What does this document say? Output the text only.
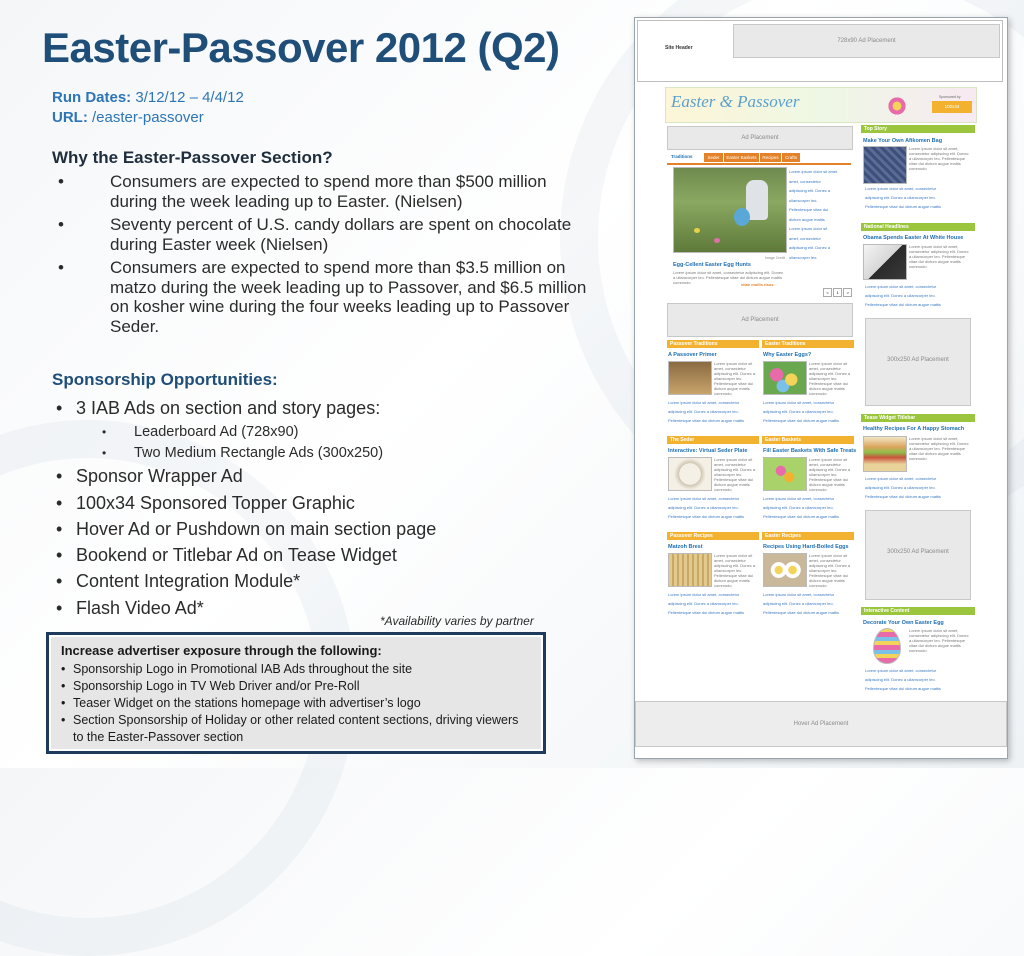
Easter-Passover 2012 (Q2)
Run Dates: 3/12/12 – 4/4/12
URL: /easter-passover
Why the Easter-Passover Section?
•	Consumers are expected to spend more than $500 million during the week leading up to Easter. (Nielsen)
•	Seventy percent of U.S. candy dollars are spent on chocolate during Easter week (Nielsen)
•	Consumers are expected to spend more than $3.5 million on matzo during the week leading up to Passover, and $6.5 million on kosher wine during the four weeks leading up to Passover Seder.
Sponsorship Opportunities:
• 3 IAB Ads on section and story pages:
• Leaderboard Ad (728x90)
• Two Medium Rectangle Ads (300x250)
• Sponsor Wrapper Ad
• 100x34 Sponsored Topper Graphic
• Hover Ad or Pushdown on main section page
• Bookend or Titlebar Ad on Tease Widget
• Content Integration Module*
• Flash Video Ad*
*Availability varies by partner
Increase advertiser exposure through the following:
• Sponsorship Logo in Promotional IAB Ads throughout the site
• Sponsorship Logo in TV Web Driver and/or Pre-Roll
• Teaser Widget on the stations homepage with advertiser’s logo
• Section Sponsorship of Holiday or other related content sections, driving viewers to the Easter-Passover section
Site Header
728x90 Ad Placement
Easter & Passover	Sponsored by
100x34
Ad Placement
Traditions	Seder	Easter Baskets	Recipes	Crafts
Image Credit
Egg-Cellent Easter Egg Hunts
Lorem ipsum dolor sit amet, consectetur adipiscing elit. Donec a ullamcorper leo. Pellentesque vitae dui dictum augue mattis commodo	vitae mollis risus.
Lorem ipsum dolor sit amet
amet, consectetur
adipiscing elit. Donec a
ullamcorper leo.
Pellentesque vitae dui
dictum augue mattis
Lorem ipsum dolor sit
amet, consectetur
adipiscing elit. Donec a
ullamcorper leo.
< 1 >
Ad Placement
Top Story
Make Your Own Afikomen Bag
Lorem ipsum dolor sit amet, consectetur adipiscing elit. Donec a ullamcorper leo. Pellentesque vitae dui dictum augue mattis commodo
Lorem ipsum dolor sit amet, consectetur
adipiscing elit. Donec a ullamcorper leo.
Pellentesque vitae dui dictum augue mattis
National Headlines
Obama Spends Easter At White House
Lorem ipsum dolor sit amet, consectetur adipiscing elit. Donec a ullamcorper leo. Pellentesque vitae dui dictum augue mattis commodo
Lorem ipsum dolor sit amet, consectetur
adipiscing elit. Donec a ullamcorper leo.
Pellentesque vitae dui dictum augue mattis
300x250 Ad Placement
Tease Widget Titlebar
Healthy Recipes For A Happy Stomach
Lorem ipsum dolor sit amet, consectetur adipiscing elit. Donec a ullamcorper leo. Pellentesque vitae dui dictum augue mattis commodo
Lorem ipsum dolor sit amet, consectetur
adipiscing elit. Donec a ullamcorper leo.
Pellentesque vitae dui dictum augue mattis
300x250 Ad Placement
Interactive Content
Decorate Your Own Easter Egg
Lorem ipsum dolor sit amet, consectetur adipiscing elit. Donec a ullamcorper leo. Pellentesque vitae dui dictum augue mattis commodo
Lorem ipsum dolor sit amet, consectetur
adipiscing elit. Donec a ullamcorper leo.
Pellentesque vitae dui dictum augue mattis
Hover Ad Placement
Passover Traditions
A Passover Primer
Lorem ipsum dolor sit amet, consectetur adipiscing elit. Donec a ullamcorper leo. Pellentesque vitae dui dictum augue mattis commodo
Lorem ipsum dolor sit amet, consectetur
adipiscing elit. Donec a ullamcorper leo.
Pellentesque vitae dui dictum augue mattis
Easter Traditions
Why Easter Eggs?
Lorem ipsum dolor sit amet, consectetur adipiscing elit. Donec a ullamcorper leo. Pellentesque vitae dui dictum augue mattis commodo
Lorem ipsum dolor sit amet, consectetur
adipiscing elit. Donec a ullamcorper leo.
Pellentesque vitae dui dictum augue mattis
The Seder
Interactive: Virtual Seder Plate
Lorem ipsum dolor sit amet, consectetur adipiscing elit. Donec a ullamcorper leo. Pellentesque vitae dui dictum augue mattis commodo
Lorem ipsum dolor sit amet, consectetur
adipiscing elit. Donec a ullamcorper leo.
Pellentesque vitae dui dictum augue mattis
Easter Baskets
Fill Easter Baskets With Safe Treats
Lorem ipsum dolor sit amet, consectetur adipiscing elit. Donec a ullamcorper leo. Pellentesque vitae dui dictum augue mattis commodo
Lorem ipsum dolor sit amet, consectetur
adipiscing elit. Donec a ullamcorper leo.
Pellentesque vitae dui dictum augue mattis
Passover Recipes
Matzoh Brest
Lorem ipsum dolor sit amet, consectetur adipiscing elit. Donec a ullamcorper leo. Pellentesque vitae dui dictum augue mattis commodo
Lorem ipsum dolor sit amet, consectetur
adipiscing elit. Donec a ullamcorper leo.
Pellentesque vitae dui dictum augue mattis
Easter Recipes
Recipes Using Hard-Boiled Eggs
Lorem ipsum dolor sit amet, consectetur adipiscing elit. Donec a ullamcorper leo. Pellentesque vitae dui dictum augue mattis commodo
Lorem ipsum dolor sit amet, consectetur
adipiscing elit. Donec a ullamcorper leo.
Pellentesque vitae dui dictum augue mattis
